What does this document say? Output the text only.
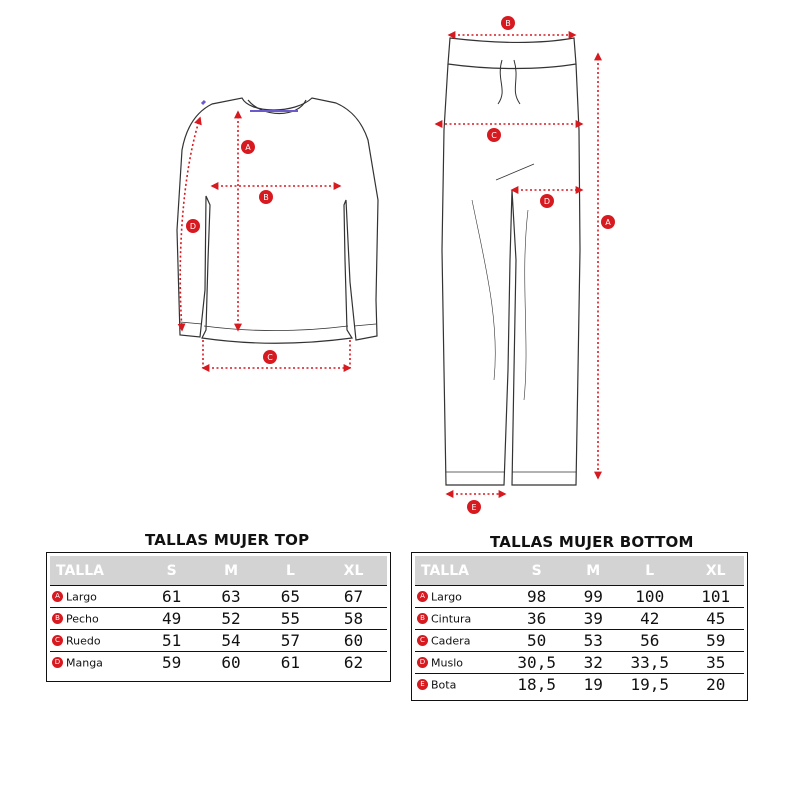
A
B
C
D
B
C
D
A
E
TALLAS MUJER TOP
TALLA	S	M	L	XL
A Largo	61	63	65	67
B Pecho	49	52	55	58
C Ruedo	51	54	57	60
D Manga	59	60	61	62
TALLAS MUJER BOTTOM
TALLA	S	M	L	XL
A Largo	98	99	100	101
B Cintura	36	39	42	45
C Cadera	50	53	56	59
D Muslo	30,5	32	33,5	35
E Bota	18,5	19	19,5	20
